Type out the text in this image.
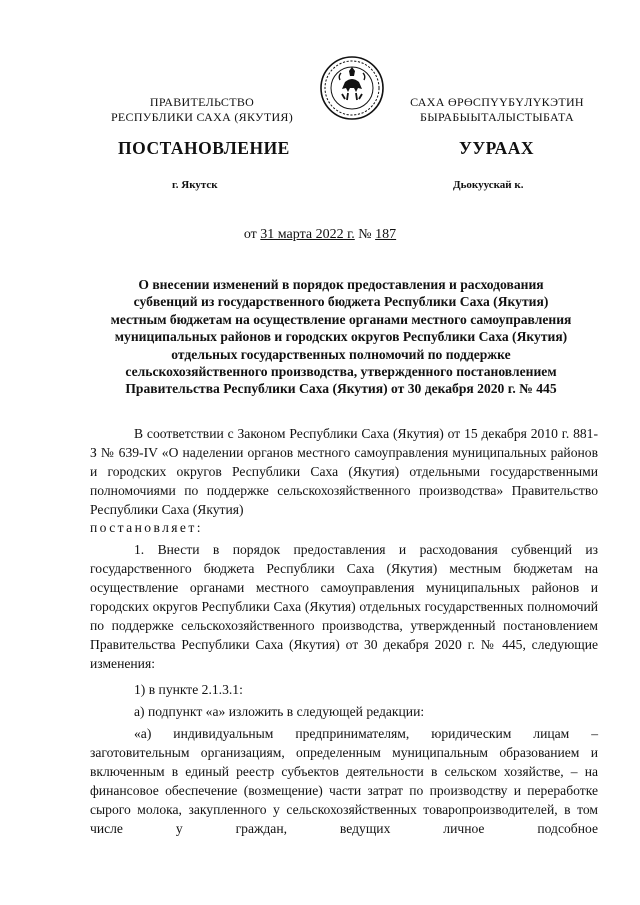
ПРАВИТЕЛЬСТВО
РЕСПУБЛИКИ САХА (ЯКУТИЯ)
САХА ӨРӨСПҮҮБҮЛҮКЭТИН
БЫРАБЫЫТАЛЫСТЫБАТА
ПОСТАНОВЛЕНИЕ	УУРААХ
г. Якутск	Дьокуускай к.
от 31 марта 2022 г. № 187
О внесении изменений в порядок предоставления и расходования
субвенций из государственного бюджета Республики Саха (Якутия)
местным бюджетам на осуществление органами местного самоуправления
муниципальных районов и городских округов Республики Саха (Якутия)
отдельных государственных полномочий по поддержке
сельскохозяйственного производства, утвержденного постановлением
Правительства Республики Саха (Якутия) от 30 декабря 2020 г. № 445

В соответствии с Законом Республики Саха (Якутия) от 15 декабря 2010 г. 881-З № 639-IV «О наделении органов местного самоуправления муниципальных районов и городских округов Республики Саха (Якутия) отдельными государственными полномочиями по поддержке сельскохозяйственного производства» Правительство Республики Саха (Якутия)

постановляет:

1. Внести в порядок предоставления и расходования субвенций из государственного бюджета Республики Саха (Якутия) местным бюджетам на осуществление органами местного самоуправления муниципальных районов и городских округов Республики Саха (Якутия) отдельных государственных полномочий по поддержке сельскохозяйственного производства, утвержденный постановлением Правительства Республики Саха (Якутия) от 30 декабря 2020 г. № 445, следующие изменения:

1) в пункте 2.1.3.1:

а) подпункт «а» изложить в следующей редакции:

«а) индивидуальным предпринимателям, юридическим лицам – заготовительным организациям, определенным муниципальным образованием и включенным в единый реестр субъектов деятельности в сельском хозяйстве, – на финансовое обеспечение (возмещение) части затрат по производству и переработке сырого молока, закупленного у сельскохозяйственных товаропроизводителей, в том числе у граждан, ведущих личное подсобное
